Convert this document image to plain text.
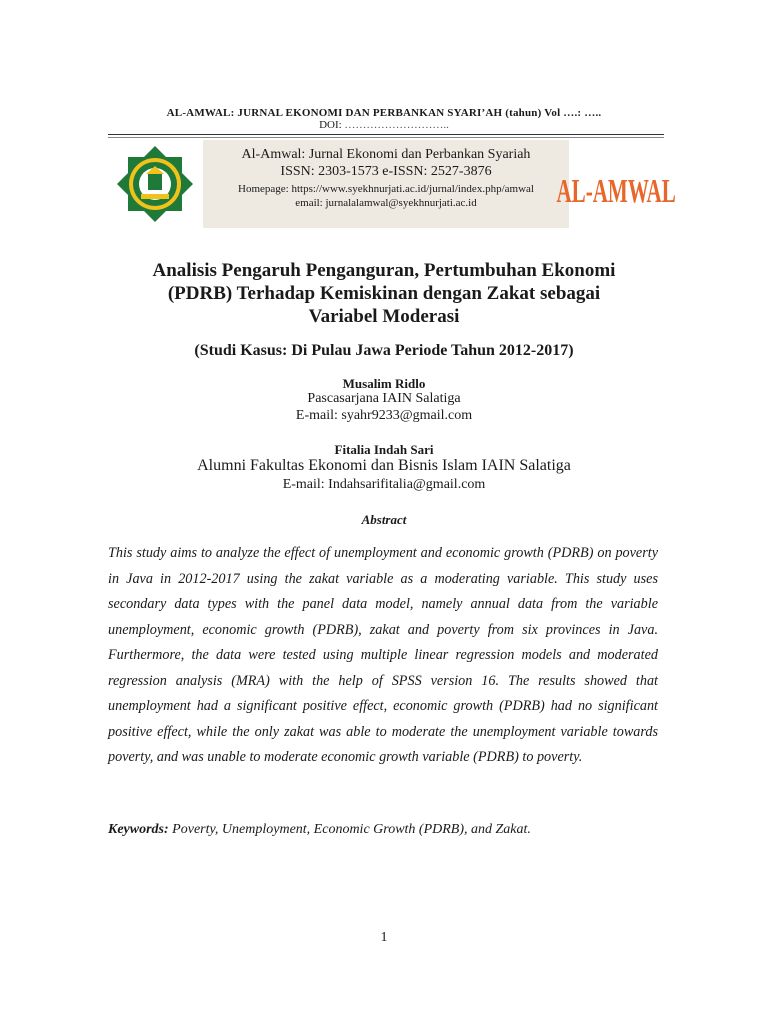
AL-AMWAL: JURNAL EKONOMI DAN PERBANKAN SYARI’AH (tahun) Vol ….: …..
DOI: ………………………..
Al-Amwal: Jurnal Ekonomi dan Perbankan Syariah
ISSN: 2303-1573 e-ISSN: 2527-3876
Homepage: https://www.syekhnurjati.ac.id/jurnal/index.php/amwal
email: jurnalalamwal@syekhnurjati.ac.id	AL-AMWAL
Analisis Pengaruh Penganguran, Pertumbuhan Ekonomi
(PDRB) Terhadap Kemiskinan dengan Zakat sebagai
Variabel Moderasi
(Studi Kasus: Di Pulau Jawa Periode Tahun 2012-2017)
Musalim Ridlo
Pascasarjana IAIN Salatiga
E-mail: syahr9233@gmail.com
Fitalia Indah Sari
Alumni Fakultas Ekonomi dan Bisnis Islam IAIN Salatiga
E-mail: Indahsarifitalia@gmail.com
Abstract
This study aims to analyze the effect of unemployment and economic growth (PDRB) on poverty in Java in 2012-2017 using the zakat variable as a moderating variable. This study uses secondary data types with the panel data model, namely annual data from the variable unemployment, economic growth (PDRB), zakat and poverty from six provinces in Java. Furthermore, the data were tested using multiple linear regression models and moderated regression analysis (MRA) with the help of SPSS version 16. The results showed that unemployment had a significant positive effect, economic growth (PDRB) had no significant positive effect, while the only zakat was able to moderate the unemployment variable towards poverty, and was unable to moderate economic growth variable (PDRB) to poverty.
Keywords: Poverty, Unemployment, Economic Growth (PDRB), and Zakat.
1
